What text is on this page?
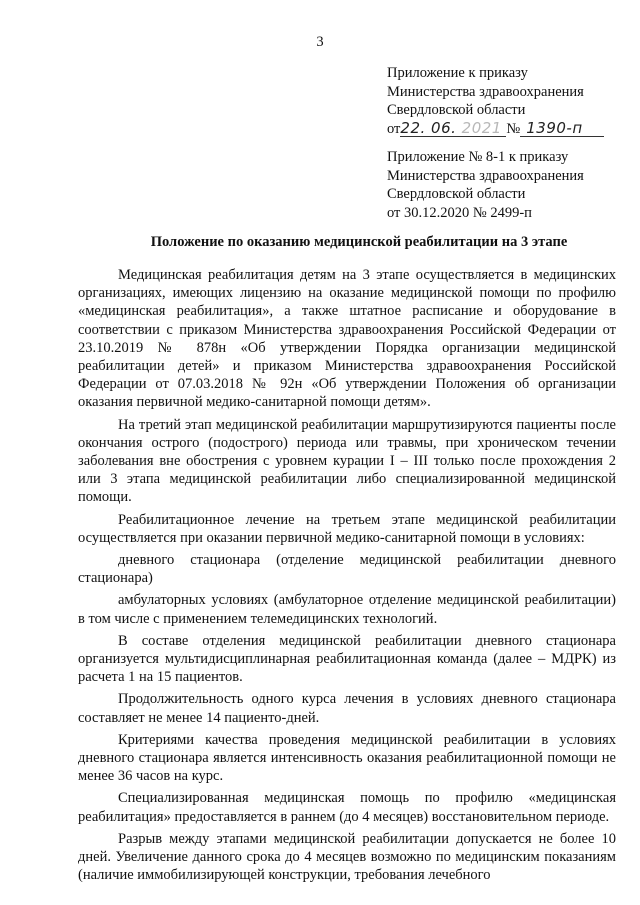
3
Приложение к приказу
Министерства здравоохранения
Свердловской области
от22. 06. 2021 № 1390-п
Приложение № 8-1 к приказу
Министерства здравоохранения
Свердловской области
от 30.12.2020 № 2499-п
Положение по оказанию медицинской реабилитации на 3 этапе

Медицинская реабилитация детям на 3 этапе осуществляется в медицинских организациях, имеющих лицензию на оказание медицинской помощи по профилю «медицинская реабилитация», а также штатное расписание и оборудование в соответствии с приказом Министерства здравоохранения Российской Федерации от 23.10.2019 № 878н «Об утверждении Порядка организации медицинской реабилитации детей» и приказом Министерства здравоохранения Российской Федерации от 07.03.2018 № 92н «Об утверждении Положения об организации оказания первичной медико-санитарной помощи детям».

На третий этап медицинской реабилитации маршрутизируются пациенты после окончания острого (подострого) периода или травмы, при хроническом течении заболевания вне обострения с уровнем курации I – III только после прохождения 2 или 3 этапа медицинской реабилитации либо специализированной медицинской помощи.

Реабилитационное лечение на третьем этапе медицинской реабилитации осуществляется при оказании первичной медико-санитарной помощи в условиях:

дневного стационара (отделение медицинской реабилитации дневного стационара)

амбулаторных условиях (амбулаторное отделение медицинской реабилитации) в том числе с применением телемедицинских технологий.

В составе отделения медицинской реабилитации дневного стационара организуется мультидисциплинарная реабилитационная команда (далее – МДРК) из расчета 1 на 15 пациентов.

Продолжительность одного курса лечения в условиях дневного стационара составляет не менее 14 пациенто-дней.

Критериями качества проведения медицинской реабилитации в условиях дневного стационара является интенсивность оказания реабилитационной помощи не менее 36 часов на курс.

Специализированная медицинская помощь по профилю «медицинская реабилитация» предоставляется в раннем (до 4 месяцев) восстановительном периоде.

Разрыв между этапами медицинской реабилитации допускается не более 10 дней. Увеличение данного срока до 4 месяцев возможно по медицинским показаниям (наличие иммобилизирующей конструкции, требования лечебного
